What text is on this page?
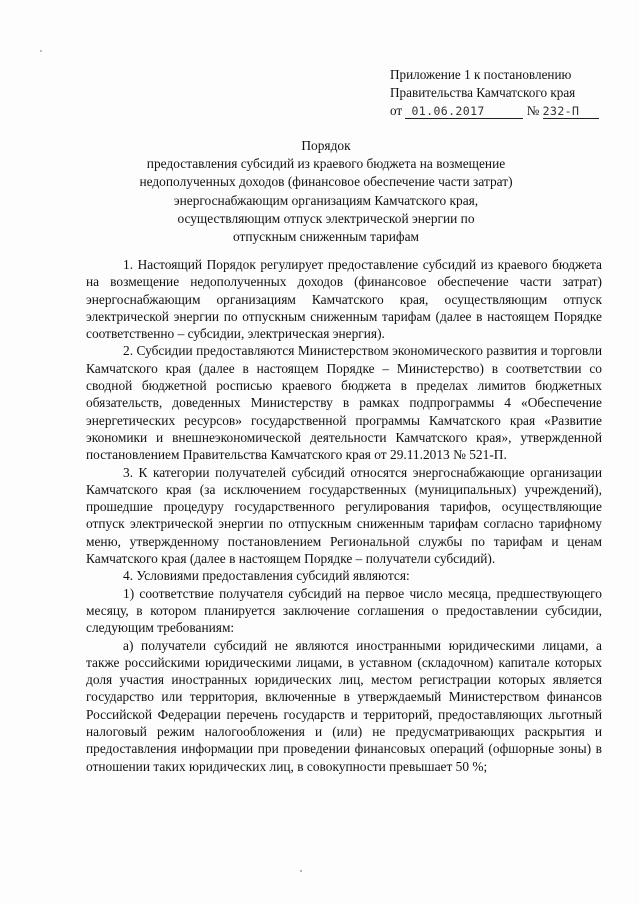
Приложение 1 к постановлению
Правительства Камчатского края
от 01.06.2017	№ 232-П
Порядок
предоставления субсидий из краевого бюджета на возмещение
недополученных доходов (финансовое обеспечение части затрат)
энергоснабжающим организациям Камчатского края,
осуществляющим отпуск электрической энергии по
отпускным сниженным тарифам

1. Настоящий Порядок регулирует предоставление субсидий из краевого бюджета на возмещение недополученных доходов (финансовое обеспечение части затрат) энергоснабжающим организациям Камчатского края, осуществляющим отпуск электрической энергии по отпускным сниженным тарифам (далее в настоящем Порядке соответственно – субсидии, электрическая энергия).

2. Субсидии предоставляются Министерством экономического развития и торговли Камчатского края (далее в настоящем Порядке – Министерство) в соответствии со сводной бюджетной росписью краевого бюджета в пределах лимитов бюджетных обязательств, доведенных Министерству в рамках подпрограммы 4 «Обеспечение энергетических ресурсов» государственной программы Камчатского края «Развитие экономики и внешнеэкономической деятельности Камчатского края», утвержденной постановлением Правительства Камчатского края от 29.11.2013 № 521-П.

3. К категории получателей субсидий относятся энергоснабжающие организации Камчатского края (за исключением государственных (муниципальных) учреждений), прошедшие процедуру государственного регулирования тарифов, осуществляющие отпуск электрической энергии по отпускным сниженным тарифам согласно тарифному меню, утвержденному постановлением Региональной службы по тарифам и ценам Камчатского края (далее в настоящем Порядке – получатели субсидий).

4. Условиями предоставления субсидий являются:

1) соответствие получателя субсидий на первое число месяца, предшествующего месяцу, в котором планируется заключение соглашения о предоставлении субсидии, следующим требованиям:

а) получатели субсидий не являются иностранными юридическими лицами, а также российскими юридическими лицами, в уставном (складочном) капитале которых доля участия иностранных юридических лиц, местом регистрации которых является государство или территория, включенные в утверждаемый Министерством финансов Российской Федерации перечень государств и территорий, предоставляющих льготный налоговый режим налогообложения и (или) не предусматривающих раскрытия и предоставления информации при проведении финансовых операций (офшорные зоны) в отношении таких юридических лиц, в совокупности превышает 50 %;
